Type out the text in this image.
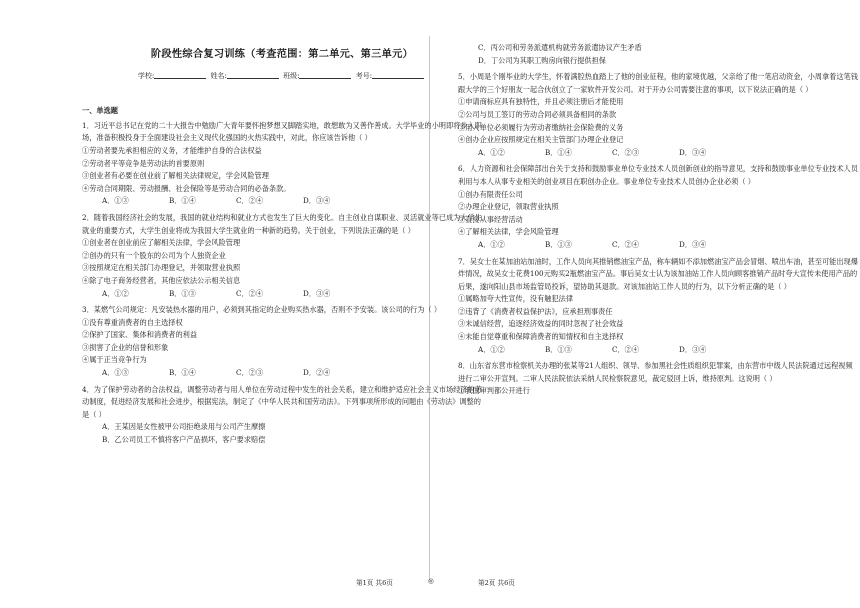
阶段性综合复习训练（考查范围：第二单元、第三单元）
学校:	姓名:	班级:	考号:
一、单选题

1．习近平总书记在党的二十大报告中勉励广大青年要怀抱梦想又脚踏实地，敢想敢为又善作善成。大学毕业的小明即将步入职场，准备积极投身于全面建设社会主义现代化强国的火热实践中，对此，你应该告诉他（ ）

①劳动者要先承担相应的义务，才能维护自身的合法权益

②劳动者平等竞争是劳动法的首要原则

③创业者有必要在创业前了解相关法律规定，学会风险管理

④劳动合同期限、劳动报酬、社会保险等是劳动合同的必备条款。

A．①③	B．①④	C．②④	D．③④

2．随着我国经济社会的发展，我国的就业结构和就业方式也发生了巨大的变化。自主创业自谋职业、灵活就业等已成为大学生就业的重要方式，大学生创业将成为我国大学生就业的一种新的趋势。关于创业，下列说法正确的是（ ）

①创业者在创业前应了解相关法律，学会风险管理

②创办的只有一个股东的公司为个人独资企业

③按照规定在相关部门办理登记，并领取营业执照

④除了电子商务经营者，其他应依法公示相关信息

A．①②	B．①③	C．②④	D．③④

3．某燃气公司规定：凡安装热水器的用户，必须到其指定的企业购买热水器，否则不予安装。该公司的行为（ ）

①没有尊重消费者的自主选择权

②保护了国家、集体和消费者的利益

③损害了企业的信誉和形象

④属于正当竞争行为

A．①③	B．①④	C．②③	D．②④

4．为了保护劳动者的合法权益，调整劳动者与用人单位在劳动过程中发生的社会关系，建立和维护适应社会主义市场经济的劳动制度，促进经济发展和社会进步，根据宪法，制定了《中华人民共和国劳动法》。下列事项所形成的问题由《劳动法》调整的是（ ）

A．王某因是女性被甲公司拒绝录用与公司产生摩擦

B．乙公司员工不慎将客户产品损坏，客户要求赔偿

C．丙公司和劳务派遣机构就劳务派遣协议产生矛盾

D．丁公司为其职工购房向银行提供担保

5．小周是个刚毕业的大学生，怀着满腔热血踏上了他的创业征程，他的家境优越，父亲给了他一笔启动资金，小周拿着这笔钱跟大学的三个好朋友一起合伙创立了一家软件开发公司。对于开办公司需要注意的事项，以下说法正确的是（ ）

①申请商标应具有独特性，并且必须注册后才能使用

②公司与员工签订的劳动合同必须具备相同的条款

③用人单位必须履行为劳动者缴纳社会保险费的义务

④创办企业应按照规定在相关主管部门办理企业登记

A．①②	B．①④	C．②③	D．③④

6．人力资源和社会保障部出台关于支持和鼓励事业单位专业技术人员创新创业的指导意见，支持和鼓励事业单位专业技术人员利用与本人从事专业相关的创业项目在职创办企业。事业单位专业技术人员创办企业必须（ ）

①创办有限责任公司

②办理企业登记，领取营业执照

③直接从事经营活动

④了解相关法律，学会风险管理

A．①②	B．①③	C．②④	D．③④

7．吴女士在某加油站加油时，工作人员向其推销燃油宝产品，称车辆如不添加燃油宝产品会冒烟、喷出车油，甚至可能出现爆炸情况，故吴女士花费100元购买2瓶燃油宝产品。事后吴女士认为该加油站工作人员向顾客推销产品时夸大宣传未使用产品的后果，遂向阳山县市场监管局投诉，望协助其退款。对该加油站工作人员的行为，以下分析正确的是（ ）

①属略加夸大性宣传，没有触犯法律

②违背了《消费者权益保护法》，应承担刑事责任

③未诚信经营，追逐经济效益的同时忽视了社会效益

④未能自觉尊重和保障消费者的知情权和自主选择权

A．①②	B．①③	C．②④	D．③④

8．山东省东营市检察机关办理的张某等21人组织、领导、参加黑社会性质组织犯罪案，由东营市中级人民法院通过远程视频进行二审公开宣判。二审人民法院依法采纳人民检察院意见，裁定驳回上诉，维持原判。这说明（ ）

①我国审判都公开进行

第1页 共6页	◎	第2页 共6页
